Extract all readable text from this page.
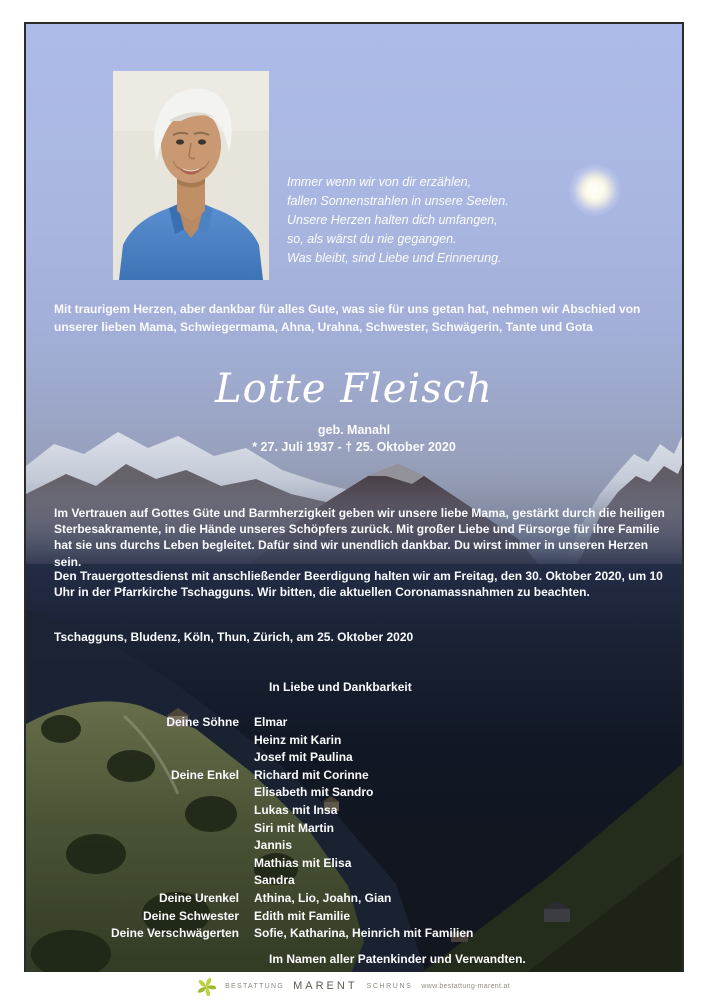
Immer wenn wir von dir erzählen,
fallen Sonnenstrahlen in unsere Seelen.
Unsere Herzen halten dich umfangen,
so, als wärst du nie gegangen.
Was bleibt, sind Liebe und Erinnerung.
Mit traurigem Herzen, aber dankbar für alles Gute, was sie für uns getan hat, nehmen wir Abschied von unserer lieben Mama, Schwiegermama, Ahna, Urahna, Schwester, Schwägerin, Tante und Gota
Lotte Fleisch
geb. Manahl
* 27. Juli 1937 - † 25. Oktober 2020
Im Vertrauen auf Gottes Güte und Barmherzigkeit geben wir unsere liebe Mama, gestärkt durch die heiligen Sterbesakramente, in die Hände unseres Schöpfers zurück. Mit großer Liebe und Fürsorge für ihre Familie hat sie uns durchs Leben begleitet. Dafür sind wir unendlich dankbar. Du wirst immer in unseren Herzen sein.
Den Trauergottesdienst mit anschließender Beerdigung halten wir am Freitag, den 30. Oktober 2020, um 10 Uhr in der Pfarrkirche Tschagguns. Wir bitten, die aktuellen Coronamassnahmen zu beachten.
Tschagguns, Bludenz, Köln, Thun, Zürich, am 25. Oktober 2020
In Liebe und Dankbarkeit
Deine Söhne	Elmar
Heinz mit Karin
Josef mit Paulina
Deine Enkel	Richard mit Corinne
Elisabeth mit Sandro
Lukas mit Insa
Siri mit Martin
Jannis
Mathias mit Elisa
Sandra
Deine Urenkel	Athina, Lio, Joahn, Gian
Deine Schwester	Edith mit Familie
Deine Verschwägerten	Sofie, Katharina, Heinrich mit Familien
Im Namen aller Patenkinder und Verwandten.
BESTATTUNG MARENT SCHRUNS www.bestattung-marent.at
